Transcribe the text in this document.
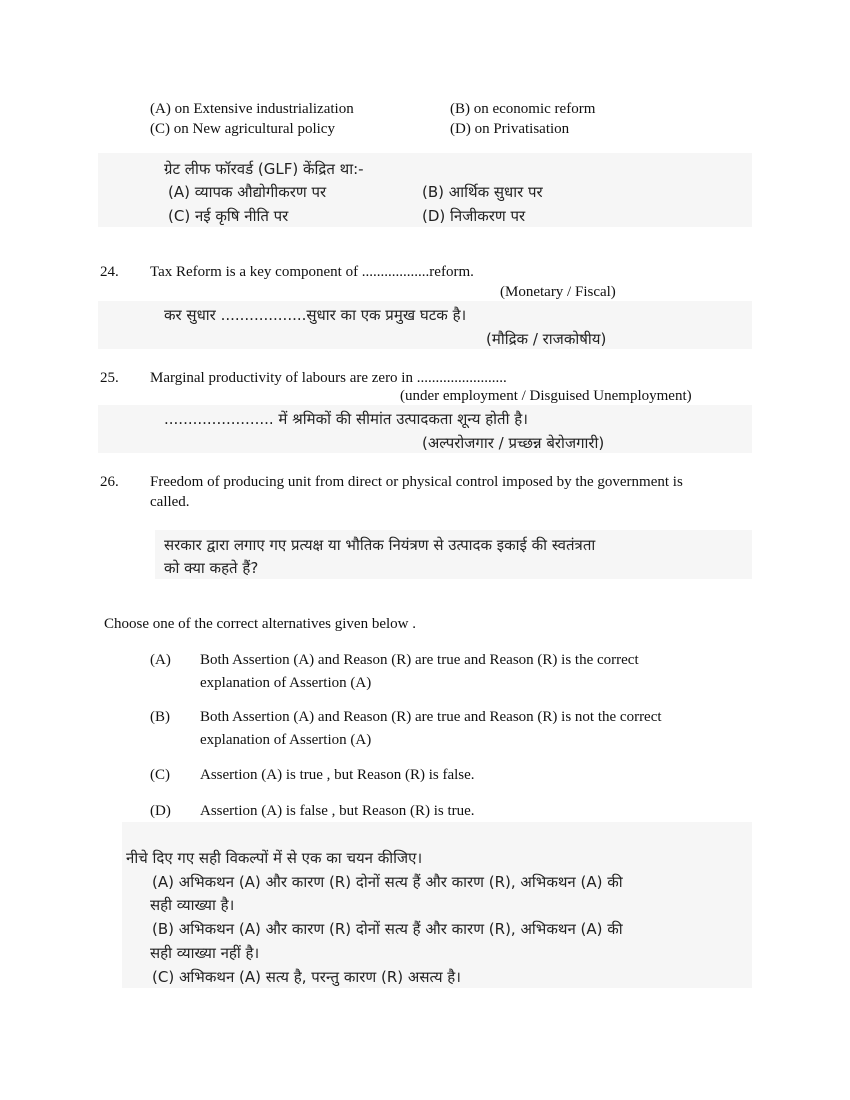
(A) on Extensive industrialization	(B) on economic reform
(C) on New agricultural policy	(D) on Privatisation
ग्रेट लीफ फॉरवर्ड (GLF) केंद्रित था:-
(A) व्यापक औद्योगीकरण पर	(B) आर्थिक सुधार पर
(C) नई कृषि नीति पर	(D) निजीकरण पर
24. Tax Reform is a key component of ..................reform.
(Monetary / Fiscal)
कर सुधार ..................सुधार का एक प्रमुख घटक है।
(मौद्रिक / राजकोषीय)
25. Marginal productivity of labours are zero in ........................
(under employment / Disguised Unemployment)
....................... में श्रमिकों की सीमांत उत्पादकता शून्य होती है।
(अल्परोजगार / प्रच्छन्न बेरोजगारी)
26. Freedom of producing unit from direct or physical control imposed by the government is
called.
सरकार द्वारा लगाए गए प्रत्यक्ष या भौतिक नियंत्रण से उत्पादक इकाई की स्वतंत्रता
को क्या कहते हैं?
Choose one of the correct alternatives given below .
(A) Both Assertion (A) and Reason (R) are true and Reason (R) is the correct
explanation of Assertion (A)
(B) Both Assertion (A) and Reason (R) are true and Reason (R) is not the correct
explanation of Assertion (A)
(C) Assertion (A) is true , but Reason (R) is false.
(D) Assertion (A) is false , but Reason (R) is true.
नीचे दिए गए सही विकल्पों में से एक का चयन कीजिए।
(A) अभिकथन (A) और कारण (R) दोनों सत्य हैं और कारण (R), अभिकथन (A) की
सही व्याख्या है।
(B) अभिकथन (A) और कारण (R) दोनों सत्य हैं और कारण (R), अभिकथन (A) की
सही व्याख्या नहीं है।
(C) अभिकथन (A) सत्य है, परन्तु कारण (R) असत्य है।
